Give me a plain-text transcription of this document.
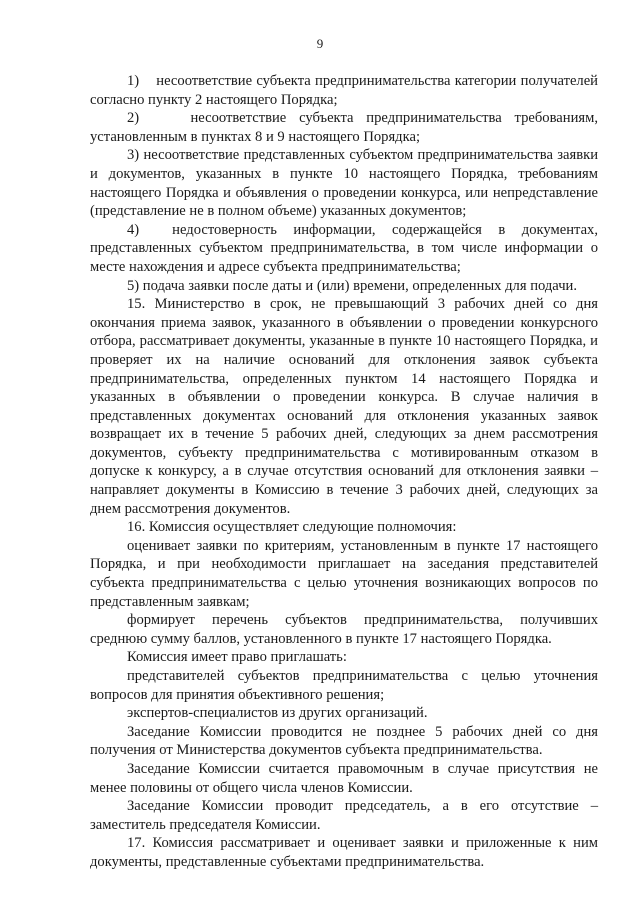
9

1)    несоответствие субъекта предпринимательства категории получателей согласно пункту 2 настоящего Порядка;

2)    несоответствие субъекта предпринимательства требованиям, установленным в пунктах 8 и 9 настоящего Порядка;

3) несоответствие представленных субъектом предпринимательства заявки и документов, указанных в пункте 10 настоящего Порядка, требованиям настоящего Порядка и объявления о проведении конкурса, или непредставление (представление не в полном объеме) указанных документов;

4)  недостоверность информации, содержащейся в документах, представленных субъектом предпринимательства, в том числе информации о месте нахождения и адресе субъекта предпринимательства;

5) подача заявки после даты и (или) времени, определенных для подачи.

15. Министерство в срок, не превышающий 3 рабочих дней со дня окончания приема заявок, указанного в объявлении о проведении конкурсного отбора, рассматривает документы, указанные в пункте 10 настоящего Порядка, и проверяет их на наличие оснований для отклонения заявок субъекта предпринимательства, определенных пунктом 14 настоящего Порядка и указанных в объявлении о проведении конкурса. В случае наличия в представленных документах оснований для отклонения указанных заявок возвращает их в течение 5 рабочих дней, следующих за днем рассмотрения документов, субъекту предпринимательства с мотивированным отказом в допуске к конкурсу, а в случае отсутствия оснований для отклонения заявки –направляет документы в Комиссию в течение 3 рабочих дней, следующих за днем рассмотрения документов.

16. Комиссия осуществляет следующие полномочия:

оценивает заявки по критериям, установленным в пункте 17 настоящего Порядка, и при необходимости приглашает на заседания представителей субъекта предпринимательства с целью уточнения возникающих вопросов по представленным заявкам;

формирует перечень субъектов предпринимательства, получивших среднюю сумму баллов, установленного в пункте 17 настоящего Порядка.

Комиссия имеет право приглашать:

представителей субъектов предпринимательства с целью уточнения вопросов для принятия объективного решения;

экспертов-специалистов из других организаций.

Заседание Комиссии проводится не позднее 5 рабочих дней со дня получения от Министерства документов субъекта предпринимательства.

Заседание Комиссии считается правомочным в случае присутствия не менее половины от общего числа членов Комиссии.

Заседание Комиссии проводит председатель, а в его отсутствие – заместитель председателя Комиссии.

17. Комиссия рассматривает и оценивает заявки и приложенные к ним документы, представленные субъектами предпринимательства.
